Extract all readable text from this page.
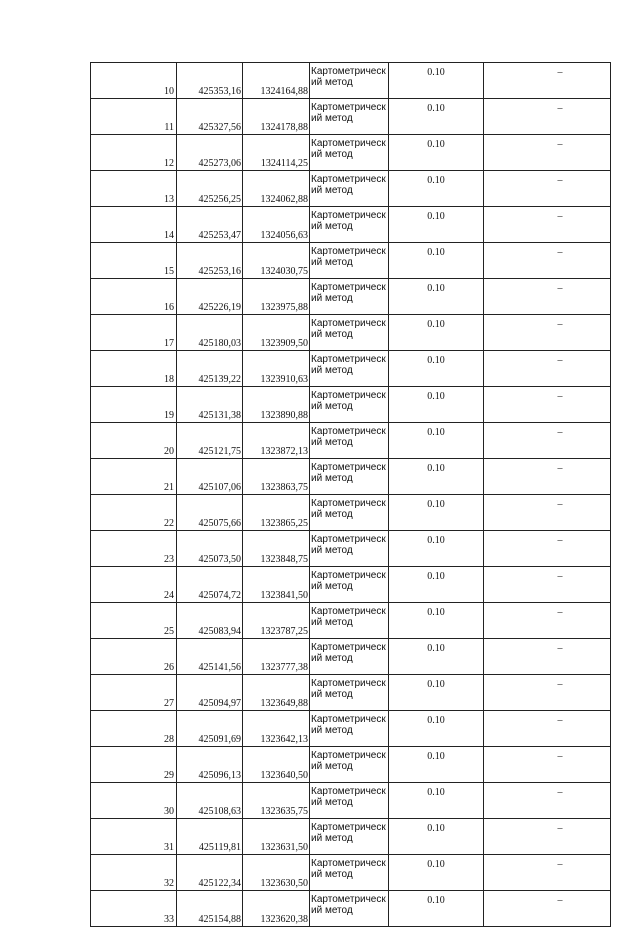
10	425353,16	1324164,88	Картометрический метод	0.10	–
11	425327,56	1324178,88	Картометрический метод	0.10	–
12	425273,06	1324114,25	Картометрический метод	0.10	–
13	425256,25	1324062,88	Картометрический метод	0.10	–
14	425253,47	1324056,63	Картометрический метод	0.10	–
15	425253,16	1324030,75	Картометрический метод	0.10	–
16	425226,19	1323975,88	Картометрический метод	0.10	–
17	425180,03	1323909,50	Картометрический метод	0.10	–
18	425139,22	1323910,63	Картометрический метод	0.10	–
19	425131,38	1323890,88	Картометрический метод	0.10	–
20	425121,75	1323872,13	Картометрический метод	0.10	–
21	425107,06	1323863,75	Картометрический метод	0.10	–
22	425075,66	1323865,25	Картометрический метод	0.10	–
23	425073,50	1323848,75	Картометрический метод	0.10	–
24	425074,72	1323841,50	Картометрический метод	0.10	–
25	425083,94	1323787,25	Картометрический метод	0.10	–
26	425141,56	1323777,38	Картометрический метод	0.10	–
27	425094,97	1323649,88	Картометрический метод	0.10	–
28	425091,69	1323642,13	Картометрический метод	0.10	–
29	425096,13	1323640,50	Картометрический метод	0.10	–
30	425108,63	1323635,75	Картометрический метод	0.10	–
31	425119,81	1323631,50	Картометрический метод	0.10	–
32	425122,34	1323630,50	Картометрический метод	0.10	–
33	425154,88	1323620,38	Картометрический метод	0.10	–
